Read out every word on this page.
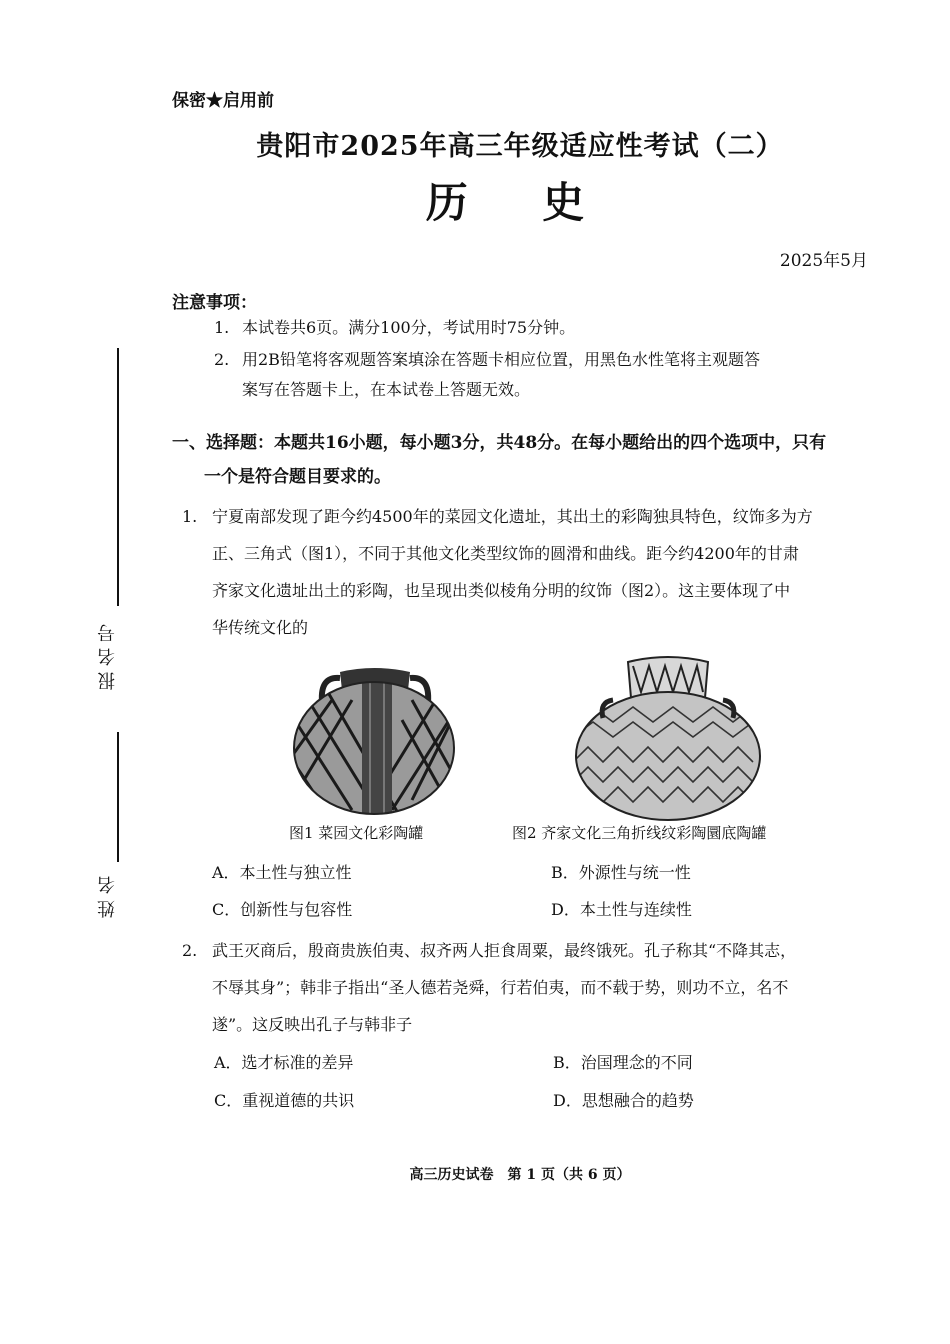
报名号
姓名
保密★启用前
贵阳市2025年高三年级适应性考试（二）
历 史
2025年5月
注意事项：
1. 本试卷共6页。满分100分，考试用时75分钟。
2. 用2B铅笔将客观题答案填涂在答题卡相应位置，用黑色水性笔将主观题答
案写在答题卡上，在本试卷上答题无效。
一、选择题：本题共16小题，每小题3分，共48分。在每小题给出的四个选项中，只有
一个是符合题目要求的。
1. 宁夏南部发现了距今约4500年的菜园文化遗址，其出土的彩陶独具特色，纹饰多为方
正、三角式（图1），不同于其他文化类型纹饰的圆滑和曲线。距今约4200年的甘肃
齐家文化遗址出土的彩陶，也呈现出类似棱角分明的纹饰（图2）。这主要体现了中
华传统文化的
图1 菜园文化彩陶罐	图2 齐家文化三角折线纹彩陶圜底陶罐
A．本土性与独立性	B．外源性与统一性
C．创新性与包容性	D．本土性与连续性
2. 武王灭商后，殷商贵族伯夷、叔齐两人拒食周粟，最终饿死。孔子称其“不降其志，
不辱其身”；韩非子指出“圣人德若尧舜，行若伯夷，而不载于势，则功不立，名不
遂”。这反映出孔子与韩非子
A．选才标准的差异	B．治国理念的不同
C．重视道德的共识	D．思想融合的趋势
高三历史试卷　第 1 页（共 6 页）
